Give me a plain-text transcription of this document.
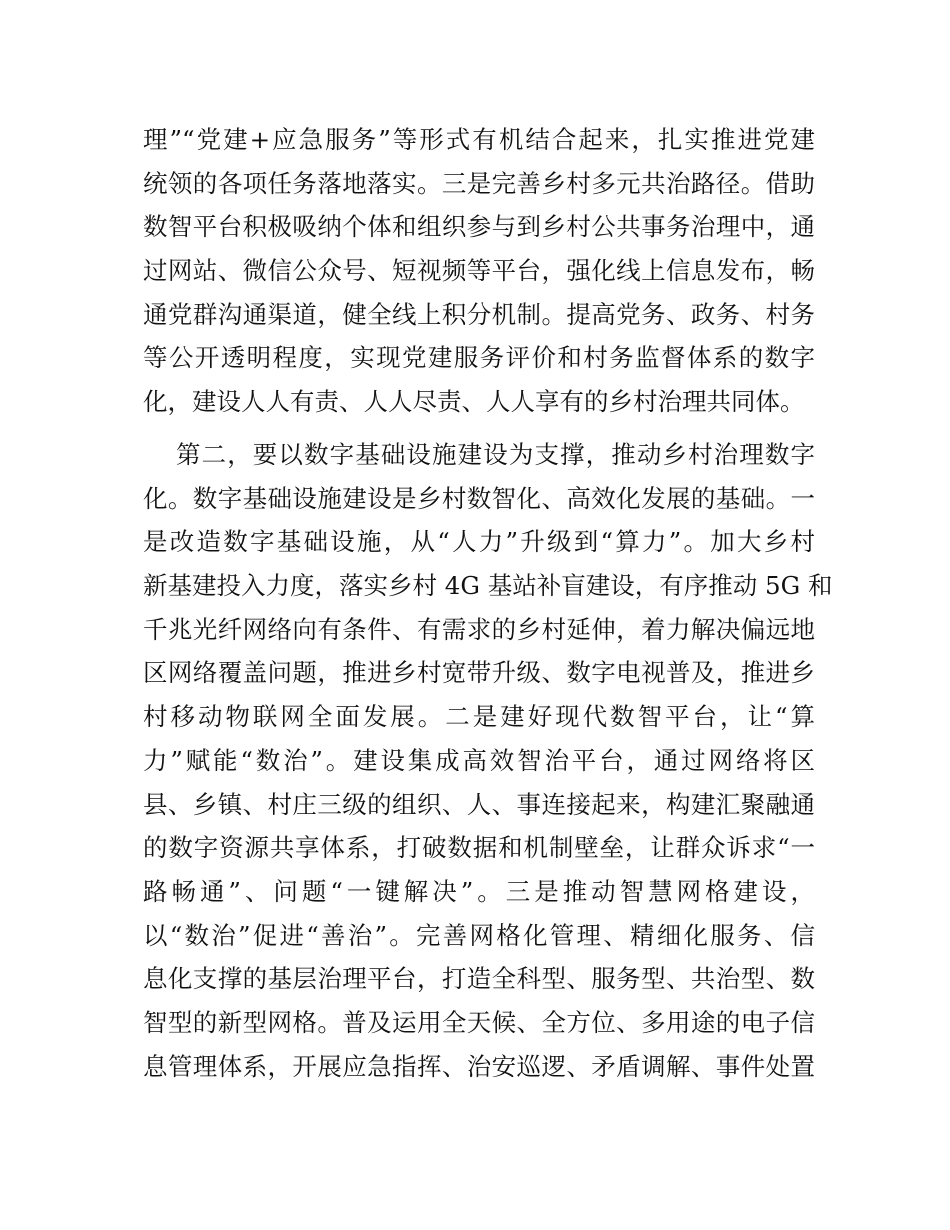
理”“党建+应急服务”等形式有机结合起来，扎实推进党建
统领的各项任务落地落实。三是完善乡村多元共治路径。借助
数智平台积极吸纳个体和组织参与到乡村公共事务治理中，通
过网站、微信公众号、短视频等平台，强化线上信息发布，畅
通党群沟通渠道，健全线上积分机制。提高党务、政务、村务
等公开透明程度，实现党建服务评价和村务监督体系的数字
化，建设人人有责、人人尽责、人人享有的乡村治理共同体。
第二，要以数字基础设施建设为支撑，推动乡村治理数字
化。数字基础设施建设是乡村数智化、高效化发展的基础。一
是改造数字基础设施，从“人力”升级到“算力”。加大乡村
新基建投入力度，落实乡村 4G 基站补盲建设，有序推动 5G 和
千兆光纤网络向有条件、有需求的乡村延伸，着力解决偏远地
区网络覆盖问题，推进乡村宽带升级、数字电视普及，推进乡
村移动物联网全面发展。二是建好现代数智平台，让“算
力”赋能“数治”。建设集成高效智治平台，通过网络将区
县、乡镇、村庄三级的组织、人、事连接起来，构建汇聚融通
的数字资源共享体系，打破数据和机制壁垒，让群众诉求“一
路畅通”、问题“一键解决”。三是推动智慧网格建设，
以“数治”促进“善治”。完善网格化管理、精细化服务、信
息化支撑的基层治理平台，打造全科型、服务型、共治型、数
智型的新型网格。普及运用全天候、全方位、多用途的电子信
息管理体系，开展应急指挥、治安巡逻、矛盾调解、事件处置
